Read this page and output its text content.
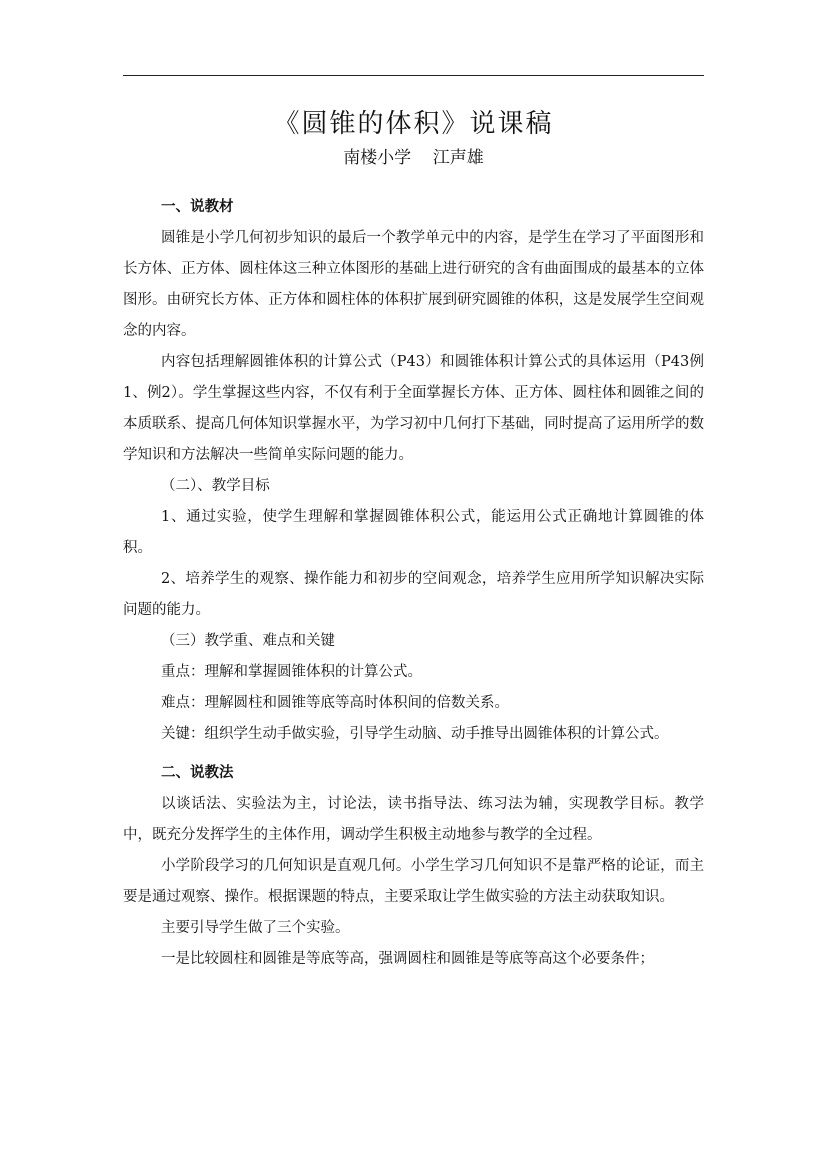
《圆锥的体积》说课稿

南楼小学    江声雄

一、说教材

圆锥是小学几何初步知识的最后一个教学单元中的内容，是学生在学习了平面图形和长方体、正方体、圆柱体这三种立体图形的基础上进行研究的含有曲面围成的最基本的立体图形。由研究长方体、正方体和圆柱体的体积扩展到研究圆锥的体积，这是发展学生空间观念的内容。

内容包括理解圆锥体积的计算公式（P43）和圆锥体积计算公式的具体运用（P43例1、例2）。学生掌握这些内容，不仅有利于全面掌握长方体、正方体、圆柱体和圆锥之间的本质联系、提高几何体知识掌握水平，为学习初中几何打下基础，同时提高了运用所学的数学知识和方法解决一些简单实际问题的能力。

（二）、教学目标

1、通过实验，使学生理解和掌握圆锥体积公式，能运用公式正确地计算圆锥的体积。

2、培养学生的观察、操作能力和初步的空间观念，培养学生应用所学知识解决实际问题的能力。

（三）教学重、难点和关键

重点：理解和掌握圆锥体积的计算公式。

难点：理解圆柱和圆锥等底等高时体积间的倍数关系。

关键：组织学生动手做实验，引导学生动脑、动手推导出圆锥体积的计算公式。

二、说教法

以谈话法、实验法为主，讨论法，读书指导法、练习法为辅，实现教学目标。教学中，既充分发挥学生的主体作用，调动学生积极主动地参与教学的全过程。

小学阶段学习的几何知识是直观几何。小学生学习几何知识不是靠严格的论证，而主要是通过观察、操作。根据课题的特点，主要采取让学生做实验的方法主动获取知识。

主要引导学生做了三个实验。

一是比较圆柱和圆锥是等底等高，强调圆柱和圆锥是等底等高这个必要条件；
